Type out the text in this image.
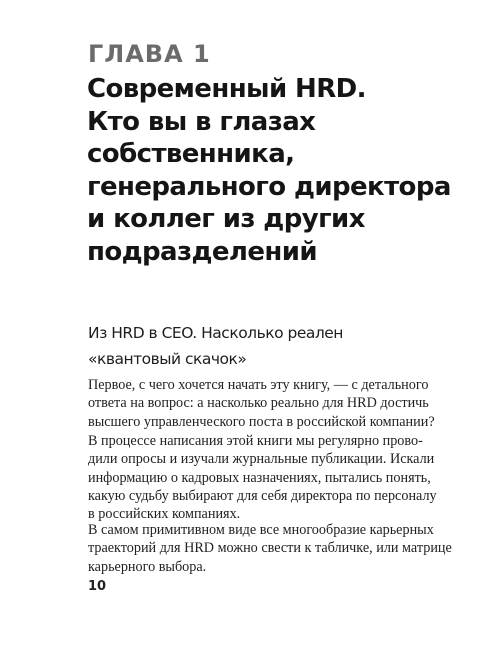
ГЛАВА 1

Современный HRD.
Кто вы в глазах
собственника,
генерального директора
и коллег из других
подразделений
Из HRD в CEO. Насколько реален
«квантовый скачок»

Первое, с чего хочется начать эту книгу, — с детального
ответа на вопрос: а насколько реально для HRD достичь
высшего управленческого поста в российской компании?

В процессе написания этой книги мы регулярно прово-
дили опросы и изучали журнальные публикации. Искали
информацию о кадровых назначениях, пытались понять,
какую судьбу выбирают для себя директора по персоналу
в российских компаниях.

В самом примитивном виде все многообразие карьерных
траекторий для HRD можно свести к табличке, или матрице
карьерного выбора.

10
